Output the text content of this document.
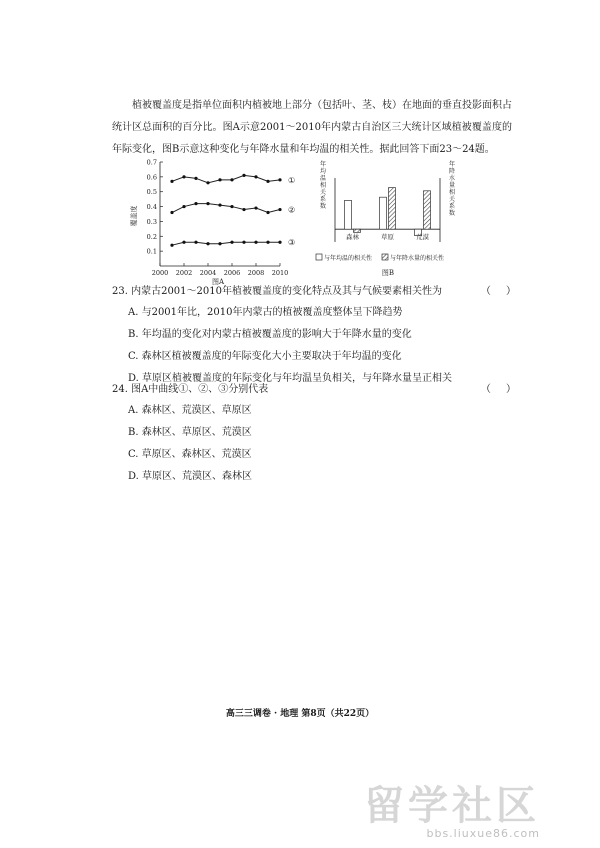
植被覆盖度是指单位面积内植被地上部分（包括叶、茎、枝）在地面的垂直投影面积占统计区总面积的百分比。图A示意2001～2010年内蒙古自治区三大统计区域植被覆盖度的年际变化，图B示意这种变化与年降水量和年均温的相关性。据此回答下面23～24题。

覆盖度
0.1
0.2
0.3
0.4
0.5
0.6
0.7
2000 2002 2004 2006 2008 2010
①
②
③
图A
年均温相关系数
年降水量相关系数
森林	草原	荒漠
与年均温的相关性	与年降水量的相关性
图B
23. 内蒙古2001～2010年植被覆盖度的变化特点及其与气候要素相关性为	（ ）
A. 与2001年比，2010年内蒙古的植被覆盖度整体呈下降趋势
B. 年均温的变化对内蒙古植被覆盖度的影响大于年降水量的变化
C. 森林区植被覆盖度的年际变化大小主要取决于年均温的变化
D. 草原区植被覆盖度的年际变化与年均温呈负相关，与年降水量呈正相关
24. 图A中曲线①、②、③分别代表	（ ）
A. 森林区、荒漠区、草原区
B. 森林区、草原区、荒漠区
C. 草原区、森林区、荒漠区
D. 草原区、荒漠区、森林区
高三三调卷 · 地理 第8页（共22页）
留学社区
bbs.liuxue86.com
